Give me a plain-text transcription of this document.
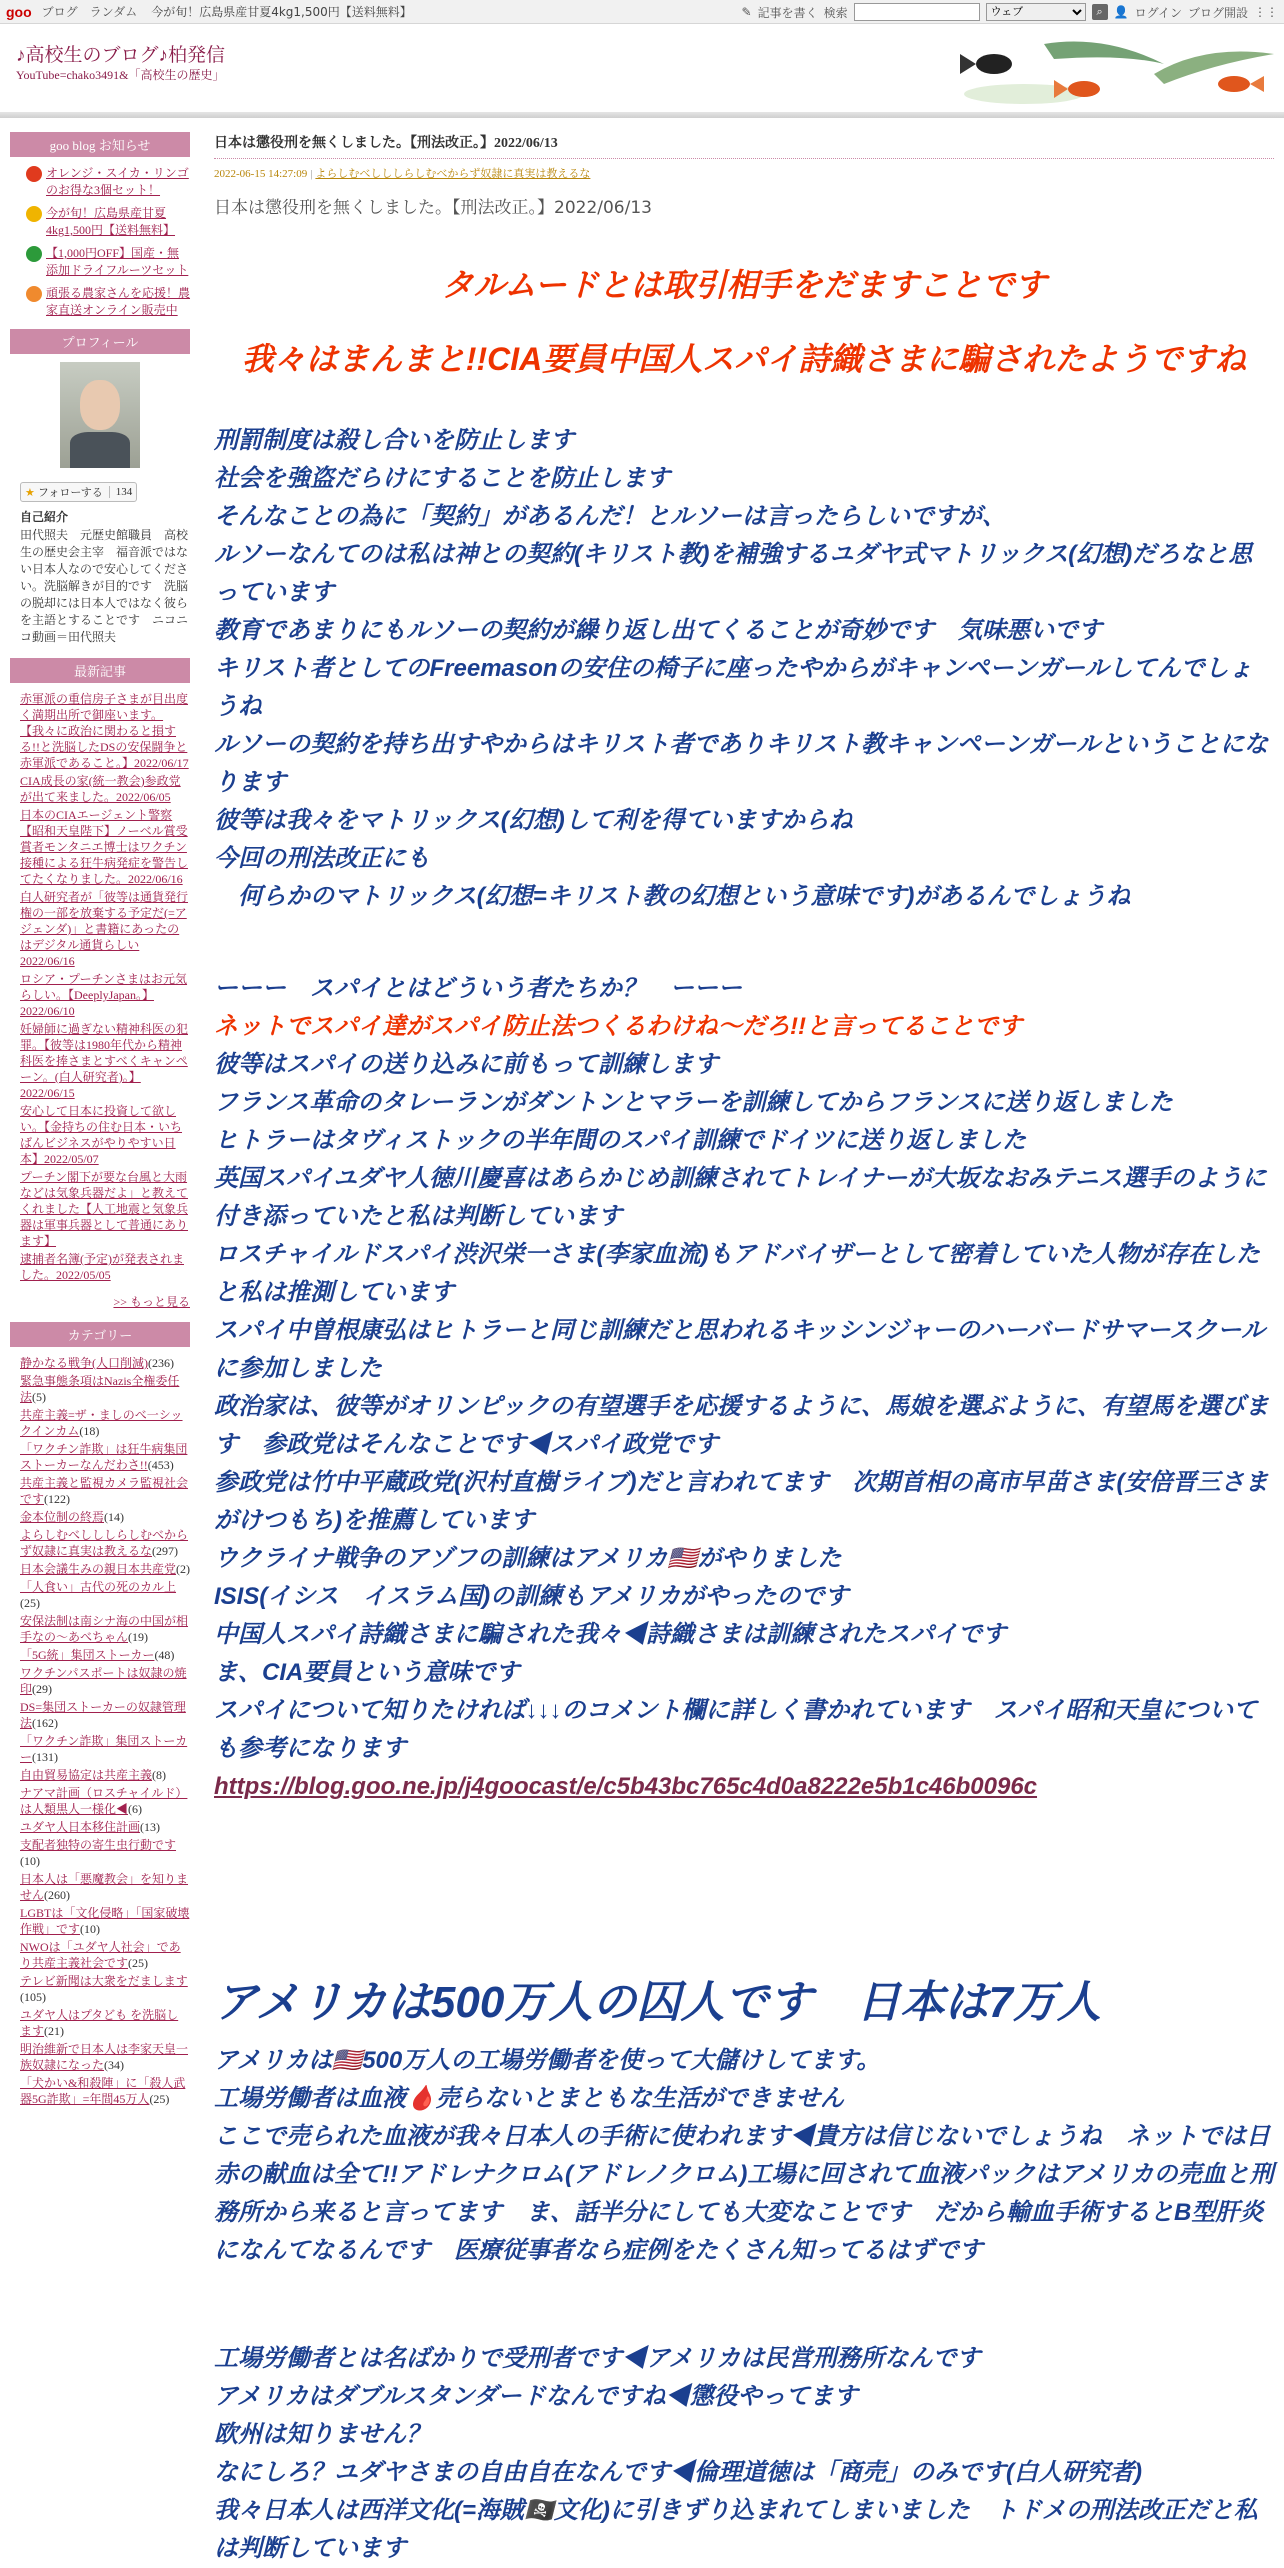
goo ブログ ランダム 今が旬！広島県産甘夏4kg1,500円【送料無料】	✎ 記事を書く 検索
ウェブ	⌕ 👤 ログイン ブログ開設 ⋮⋮
♪高校生のブログ♪柏発信
YouTube=chako3491&「高校生の歴史」
goo blog お知らせ
オレンジ・スイカ・リンゴのお得な3個セット！
今が旬！広島県産甘夏4kg1,500円【送料無料】
【1,000円OFF】国産・無添加ドライフルーツセット
頑張る農家さんを応援！農家直送オンライン販売中
プロフィール
★ フォローする	134
自己紹介
田代照夫　元歴史館職員　高校生の歴史会主宰　福音派ではない日本人なので安心してください。洗脳解きが目的です　洗脳の脱却には日本人ではなく彼らを主語とすることです　ニコニコ動画＝田代照夫
最新記事
赤軍派の重信房子さまが目出度く満期出所で御座います。【我々に政治に関わると損する!!と洗脳したDSの安保闘争と赤軍派であること。】2022/06/17
CIA成長の家(統一教会)参政党が出て来ました。2022/06/05
日本のCIAエージェント警察【昭和天皇陛下】ノーベル賞受賞者モンタニエ博士はワクチン接種による狂牛病発症を警告してたくなりました。2022/06/16
白人研究者が「彼等は通貨発行権の一部を放棄する予定だ(=アジェンダ)」と書籍にあったのはデジタル通貨らしい2022/06/16
ロシア・プーチンさまはお元気らしい。【DeeplyJapan。】2022/06/10
妊婦師に過ぎない精神科医の犯罪。【彼等は1980年代から精神科医を捧さまとすべくキャンペーン。(白人研究者)。】2022/06/15
安心して日本に投資して欲しい。【金持ちの住む日本・いちばんビジネスがやりやすい日本】2022/05/07
プーチン閣下が要な台風と大雨などは気象兵器だよ」と教えてくれました【人工地震と気象兵器は軍事兵器として普通にあります】
逮捕者名簿(予定)が発表されました。2022/05/05
>> もっと見る
カテゴリー
静かなる戦争(人口削減)(236)
緊急事態条項はNazis全権委任法(5)
共産主義=ザ・ましのべ一シックインカム(18)
「ワクチン詐欺」は狂牛病集団ストーカーなんだわさ!!(453)
共産主義と監視カメラ監視社会です(122)
金本位制の終焉(14)
よらしむべしししらしむべからず奴隷に真実は教えるな(297)
日本会議生みの親日本共産党(2)
「人食い」古代の死のカル上(25)
安保法制は南シナ海の中国が相手なの～あべちゃん(19)
「5G統」集団ストーカー(48)
ワクチンパスポートは奴隷の焼印(29)
DS=集団ストーカーの奴隷管理法(162)
「ワクチン詐欺」集団ストーカー(131)
自由貿易協定は共産主義(8)
ナアマ計画（ロスチャイルド）は人類黒人一様化◀(6)
ユダヤ人日本移住計画(13)
支配者独特の寄生虫行動です(10)
日本人は「悪魔教会」を知りません(260)
LGBTは「文化侵略」「国家破壊作戦」です(10)
NWOは「ユダヤ人社会」であり共産主義社会です(25)
テレビ新聞は大衆をだまします(105)
ユダヤ人はプタども を洗脳します(21)
明治維新で日本人は李家天皇一族奴隷になった(34)
「犬かい&和殺陣」に「殺人武器5G詐欺」=年間45万人(25)
日本は懲役刑を無くしました。【刑法改正。】2022/06/13
2022-06-15 14:27:09 | よらしむべしししらしむべからず奴隷に真実は教えるな
日本は懲役刑を無くしました。【刑法改正。】2022/06/13
タルムードとは取引相手をだますことです
我々はまんまと!!CIA要員中国人スパイ詩織さまに騙されたようですね
刑罰制度は殺し合いを防止します
社会を強盗だらけにすることを防止します
そんなことの為に「契約」があるんだ！とルソーは言ったらしいですが、
ルソーなんてのは私は神との契約(キリスト教)を補強するユダヤ式マトリックス(幻想)だろなと思っています
教育であまりにもルソーの契約が繰り返し出てくることが奇妙です　気味悪いです
キリスト者としてのFreemasonの安住の椅子に座ったやからがキャンペーンガールしてんでしょうね
ルソーの契約を持ち出すやからはキリスト者でありキリスト教キャンペーンガールということになります
彼等は我々をマトリックス(幻想)して利を得ていますからね
今回の刑法改正にも
　何らかのマトリックス(幻想=キリスト教の幻想という意味です)があるんでしょうね
ーーー　スパイとはどういう者たちか？　ーーー
ネットでスパイ達がスパイ防止法つくるわけね〜だろ!!と言ってることです
彼等はスパイの送り込みに前もって訓練します
フランス革命のタレーランがダントンとマラーを訓練してからフランスに送り返しました
ヒトラーはタヴィストックの半年間のスパイ訓練でドイツに送り返しました
英国スパイユダヤ人徳川慶喜はあらかじめ訓練されてトレイナーが大坂なおみテニス選手のように付き添っていたと私は判断しています
ロスチャイルドスパイ渋沢栄一さま(李家血流)もアドバイザーとして密着していた人物が存在したと私は推測しています
スパイ中曽根康弘はヒトラーと同じ訓練だと思われるキッシンジャーのハーバードサマースクールに参加しました
政治家は、彼等がオリンピックの有望選手を応援するように、馬娘を選ぶように、有望馬を選びます　参政党はそんなことです◀スパイ政党です
参政党は竹中平蔵政党(沢村直樹ライブ)だと言われてます　次期首相の高市早苗さま(安倍晋三さまがけつもち)を推薦しています
ウクライナ戦争のアゾフの訓練はアメリカ🇺🇸がやりました
ISIS(イシス　イスラム国)の訓練もアメリカがやったのです
中国人スパイ詩織さまに騙された我々◀詩織さまは訓練されたスパイです
ま、CIA要員という意味です
スパイについて知りたければ↓↓↓のコメント欄に詳しく書かれています　スパイ昭和天皇についても参考になります
https://blog.goo.ne.jp/j4goocast/e/c5b43bc765c4d0a8222e5b1c46b0096c
アメリカは500万人の囚人です　日本は7万人
アメリカは🇺🇸500万人の工場労働者を使って大儲けしてます。
工場労働者は血液🩸売らないとまともな生活ができません
ここで売られた血液が我々日本人の手術に使われます◀貴方は信じないでしょうね　ネットでは日赤の献血は全て!!アドレナクロム(アドレノクロム)工場に回されて血液パックはアメリカの売血と刑務所から来ると言ってます　ま、話半分にしても大変なことです　だから輸血手術するとB型肝炎になんてなるんです　医療従事者なら症例をたくさん知ってるはずです
工場労働者とは名ばかりで受刑者です◀アメリカは民営刑務所なんです
アメリカはダブルスタンダードなんですね◀懲役やってます
欧州は知りません？
なにしろ？ユダヤさまの自由自在なんです◀倫理道徳は「商売」のみです(白人研究者)
我々日本人は西洋文化(=海賊🏴‍☠️文化)に引きずり込まれてしまいました　トドメの刑法改正だと私は判断しています
